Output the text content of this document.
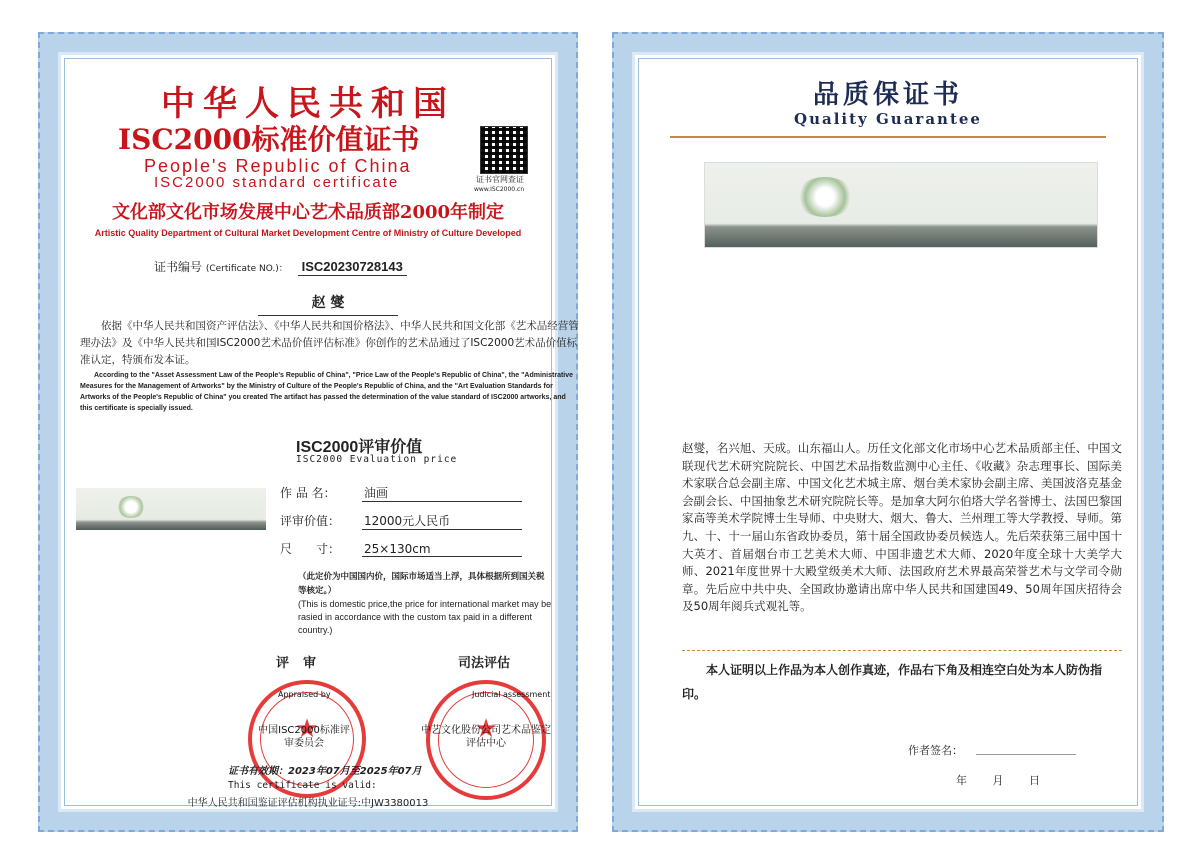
中华人民共和国
ISC2000标准价值证书
People's Republic of China
ISC2000 standard certificate	证书官网查证
www.ISC2000.cn
文化部文化市场发展中心艺术品质部2000年制定
Artistic Quality Department of Cultural Market Development Centre of Ministry of Culture Developed
证书编号 (Certificate NO.)： ISC20230728143
赵 燮
依据《中华人民共和国资产评估法》、《中华人民共和国价格法》、中华人民共和国文化部《艺术品经营管理办法》及《中华人民共和国ISC2000艺术品价值评估标准》你创作的艺术品通过了ISC2000艺术品价值标准认定，特颁布发本证。
According to the "Asset Assessment Law of the People's Republic of China", "Price Law of the People's Republic of China", the "Administrative Measures for the Management of Artworks" by the Ministry of Culture of the People's Republic of China, and the "Art Evaluation Standards for Artworks of the People's Republic of China" you created The artifact has passed the determination of the value standard of ISC2000 artworks, and this certificate is specially issued.
ISC2000评审价值
ISC2000 Evaluation price
作 品 名： 油画
评审价值： 12000元人民币
尺　　寸： 25×130cm
（此定价为中国国内价，国际市场适当上浮，具体根据所到国关税等核定。）
(This is domestic price,the price for international market may be rasied in accordance with the custom tax paid in a different country.)
评审	司法评估
★
★
Appraised by
中国ISC2000标准评审委员会
Judicial assessment
中艺文化股份公司艺术品鉴定评估中心
证书有效期：2023年07月至2025年07月
This certificate is valid:
中华人民共和国鉴证评估机构执业证号:中JW3380013
品质保证书
Quality Guarantee
赵燮，名兴旭、天成。山东福山人。历任文化部文化市场中心艺术品质部主任、中国文联现代艺术研究院院长、中国艺术品指数监测中心主任、《收藏》杂志理事长、国际美术家联合总会副主席、中国文化艺术城主席、烟台美术家协会副主席、美国波洛克基金会副会长、中国抽象艺术研究院院长等。是加拿大阿尔伯塔大学名誉博士、法国巴黎国家高等美术学院博士生导师、中央财大、烟大、鲁大、兰州理工等大学教授、导师。第九、十、十一届山东省政协委员，第十届全国政协委员候选人。先后荣获第三届中国十大英才、首届烟台市工艺美术大师、中国非遗艺术大师、2020年度全球十大美学大师、2021年度世界十大殿堂级美术大师、法国政府艺术界最高荣誉艺术与文学司令勋章。先后应中共中央、全国政协邀请出席中华人民共和国建国49、50周年国庆招待会及50周年阅兵式观礼等。
本人证明以上作品为本人创作真迹，作品右下角及相连空白处为本人防伪指印。
作者签名：
年 月 日
